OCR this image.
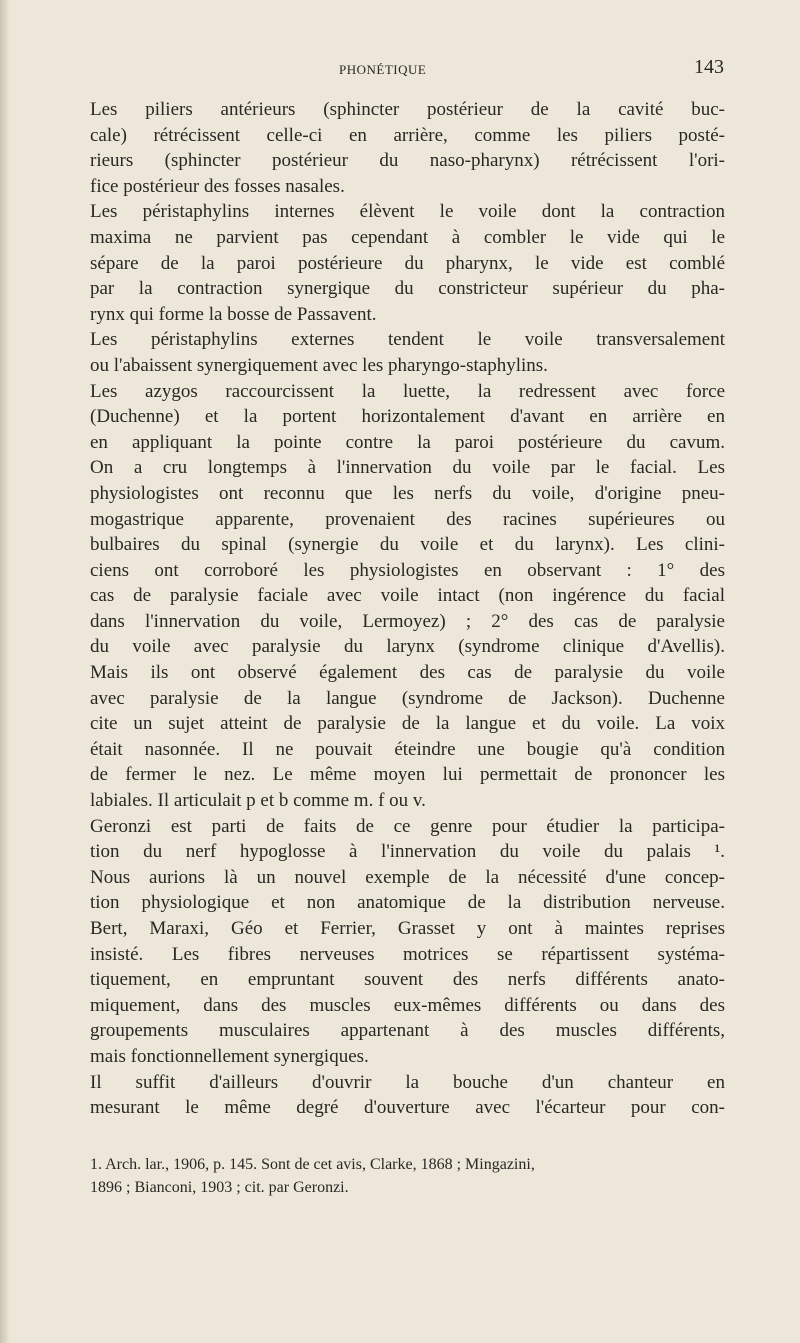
PHONÉTIQUE	143
Les piliers antérieurs (sphincter postérieur de la cavité buc-
cale) rétrécissent celle-ci en arrière, comme les piliers posté-
rieurs (sphincter postérieur du naso-pharynx) rétrécissent l'ori-
fice postérieur des fosses nasales.
Les péristaphylins internes élèvent le voile dont la contraction
maxima ne parvient pas cependant à combler le vide qui le
sépare de la paroi postérieure du pharynx, le vide est comblé
par la contraction synergique du constricteur supérieur du pha-
rynx qui forme la bosse de Passavent.
Les péristaphylins externes tendent le voile transversalement
ou l'abaissent synergiquement avec les pharyngo-staphylins.
Les azygos raccourcissent la luette, la redressent avec force
(Duchenne) et la portent horizontalement d'avant en arrière en
en appliquant la pointe contre la paroi postérieure du cavum.
On a cru longtemps à l'innervation du voile par le facial. Les
physiologistes ont reconnu que les nerfs du voile, d'origine pneu-
mogastrique apparente, provenaient des racines supérieures ou
bulbaires du spinal (synergie du voile et du larynx). Les clini-
ciens ont corroboré les physiologistes en observant : 1° des
cas de paralysie faciale avec voile intact (non ingérence du facial
dans l'innervation du voile, Lermoyez) ; 2° des cas de paralysie
du voile avec paralysie du larynx (syndrome clinique d'Avellis).
Mais ils ont observé également des cas de paralysie du voile
avec paralysie de la langue (syndrome de Jackson). Duchenne
cite un sujet atteint de paralysie de la langue et du voile. La voix
était nasonnée. Il ne pouvait éteindre une bougie qu'à condition
de fermer le nez. Le même moyen lui permettait de prononcer les
labiales. Il articulait p et b comme m. f ou v.
Geronzi est parti de faits de ce genre pour étudier la participa-
tion du nerf hypoglosse à l'innervation du voile du palais ¹.
Nous aurions là un nouvel exemple de la nécessité d'une concep-
tion physiologique et non anatomique de la distribution nerveuse.
Bert, Maraxi, Géo et Ferrier, Grasset y ont à maintes reprises
insisté. Les fibres nerveuses motrices se répartissent systéma-
tiquement, en empruntant souvent des nerfs différents anato-
miquement, dans des muscles eux-mêmes différents ou dans des
groupements musculaires appartenant à des muscles différents,
mais fonctionnellement synergiques.
Il suffit d'ailleurs d'ouvrir la bouche d'un chanteur en
mesurant le même degré d'ouverture avec l'écarteur pour con-
1. Arch. lar., 1906, p. 145. Sont de cet avis, Clarke, 1868 ; Mingazini,
1896 ; Bianconi, 1903 ; cit. par Geronzi.
